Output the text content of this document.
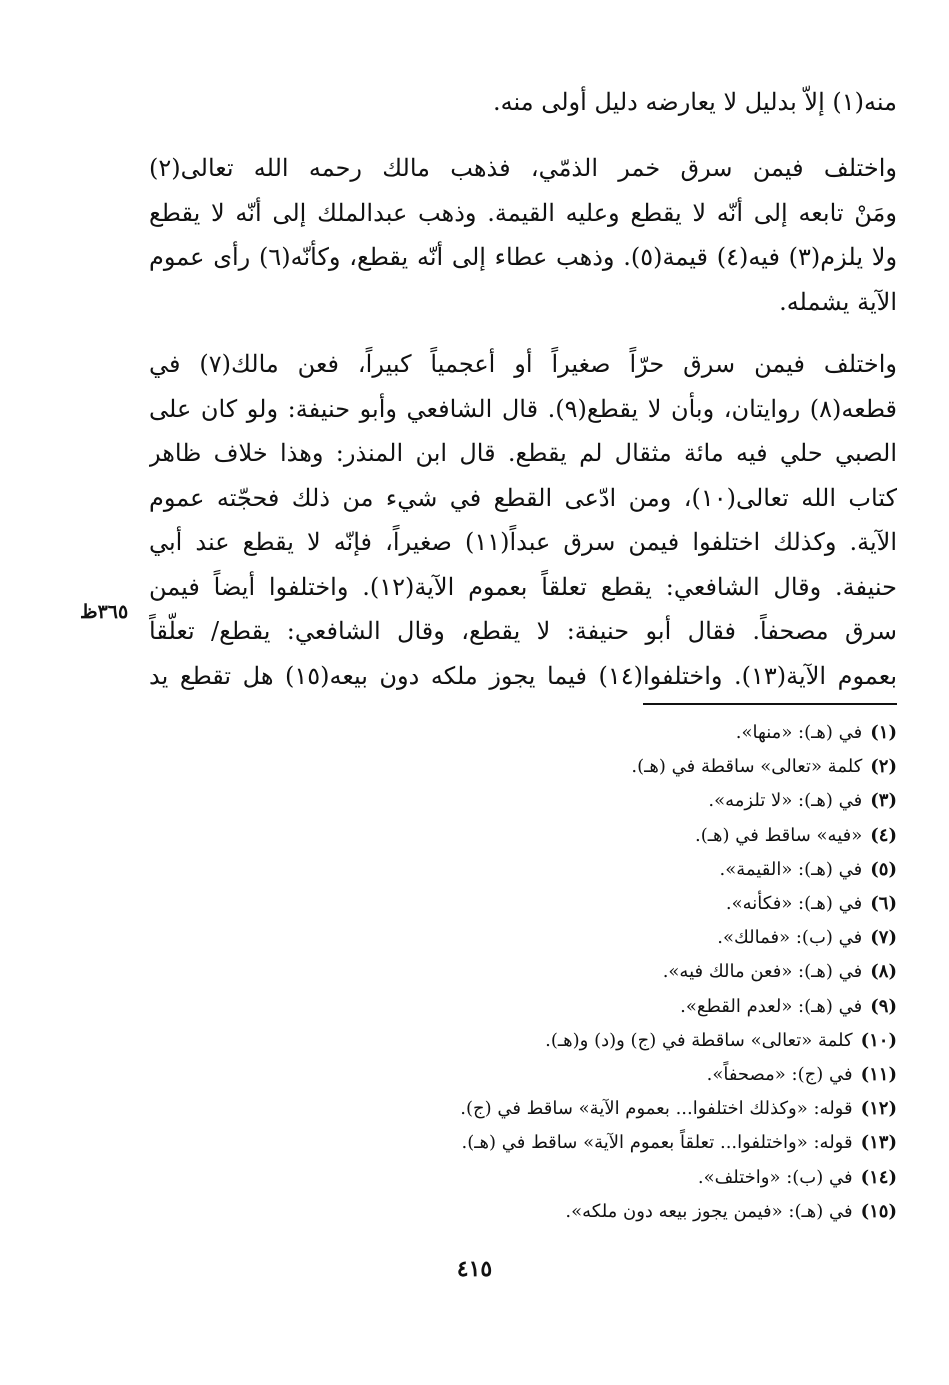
منه(١) إلاّ بدليل لا يعارضه دليل أولى منه.
واختلف فيمن سرق خمر الذمّي، فذهب مالك رحمه الله تعالى(٢)
ومَنْ تابعه إلى أنّه لا يقطع وعليه القيمة. وذهب عبدالملك إلى أنّه لا يقطع
ولا يلزم(٣) فيه(٤) قيمة(٥). وذهب عطاء إلى أنّه يقطع، وكأنّه(٦) رأى عموم
الآية يشمله.
واختلف فيمن سرق حرّاً صغيراً أو أعجمياً كبيراً، فعن مالك(٧) في
قطعه(٨) روايتان، وبأن لا يقطع(٩). قال الشافعي وأبو حنيفة: ولو كان على
الصبي حلي فيه مائة مثقال لم يقطع. قال ابن المنذر: وهذا خلاف ظاهر
كتاب الله تعالى(١٠)، ومن ادّعى القطع في شيء من ذلك فحجّته عموم
الآية. وكذلك اختلفوا فيمن سرق عبداً(١١) صغيراً، فإنّه لا يقطع عند أبي
حنيفة. وقال الشافعي: يقطع تعلقاً بعموم الآية(١٢). واختلفوا أيضاً فيمن
سرق مصحفاً. فقال أبو حنيفة: لا يقطع، وقال الشافعي: يقطع/ تعلّقاً
بعموم الآية(١٣). واختلفوا(١٤) فيما يجوز ملكه دون بيعه(١٥) هل تقطع يد
٣٦٥ظ
(١)في (هـ): «منها».
(٢)كلمة «تعالى» ساقطة في (هـ).
(٣)في (هـ): «لا تلزمه».
(٤)«فيه» ساقط في (هـ).
(٥)في (هـ): «القيمة».
(٦)في (هـ): «فكأنه».
(٧)في (ب): «فمالك».
(٨)في (هـ): «فعن مالك فيه».
(٩)في (هـ): «لعدم القطع».
(١٠)كلمة «تعالى» ساقطة في (ج) و(د) و(هـ).
(١١)في (ج): «مصحفاً».
(١٢)قوله: «وكذلك اختلفوا... بعموم الآية» ساقط في (ج).
(١٣)قوله: «واختلفوا... تعلقاً بعموم الآية» ساقط في (هـ).
(١٤)في (ب): «واختلف».
(١٥)في (هـ): «فيمن يجوز بيعه دون ملكه».
٤١٥
